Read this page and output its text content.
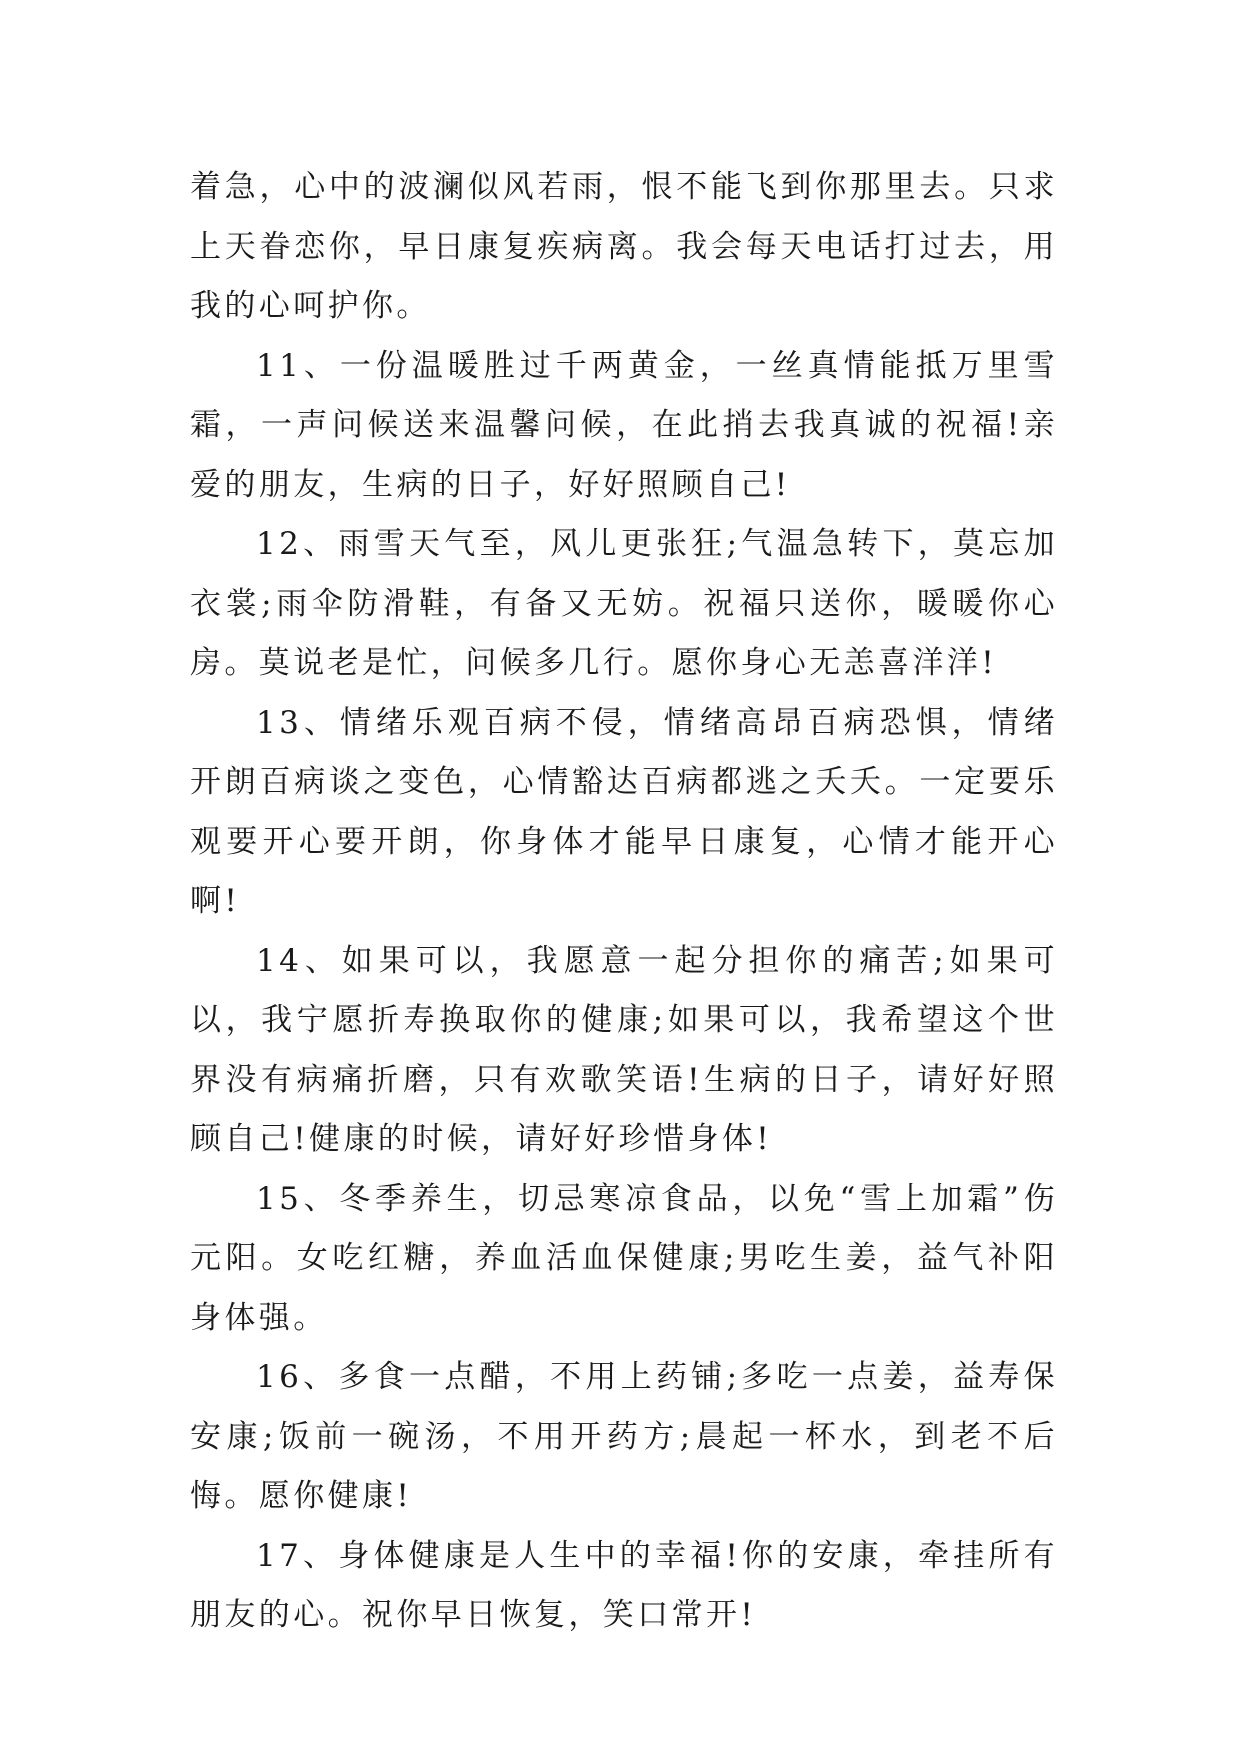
着急，心中的波澜似风若雨，恨不能飞到你那里去。只求上天眷恋你，早日康复疾病离。我会每天电话打过去，用我的心呵护你。

11、一份温暖胜过千两黄金，一丝真情能抵万里雪霜，一声问候送来温馨问候，在此捎去我真诚的祝福!亲爱的朋友，生病的日子，好好照顾自己!

12、雨雪天气至，风儿更张狂;气温急转下，莫忘加衣裳;雨伞防滑鞋，有备又无妨。祝福只送你，暖暖你心房。莫说老是忙，问候多几行。愿你身心无恙喜洋洋!

13、情绪乐观百病不侵，情绪高昂百病恐惧，情绪开朗百病谈之变色，心情豁达百病都逃之夭夭。一定要乐观要开心要开朗，你身体才能早日康复，心情才能开心啊!

14、如果可以，我愿意一起分担你的痛苦;如果可以，我宁愿折寿换取你的健康;如果可以，我希望这个世界没有病痛折磨，只有欢歌笑语!生病的日子，请好好照顾自己!健康的时候，请好好珍惜身体!

15、冬季养生，切忌寒凉食品，以免“雪上加霜”伤元阳。女吃红糖，养血活血保健康;男吃生姜，益气补阳身体强。

16、多食一点醋，不用上药铺;多吃一点姜，益寿保安康;饭前一碗汤，不用开药方;晨起一杯水，到老不后悔。愿你健康!

17、身体健康是人生中的幸福!你的安康，牵挂所有朋友的心。祝你早日恢复，笑口常开!
